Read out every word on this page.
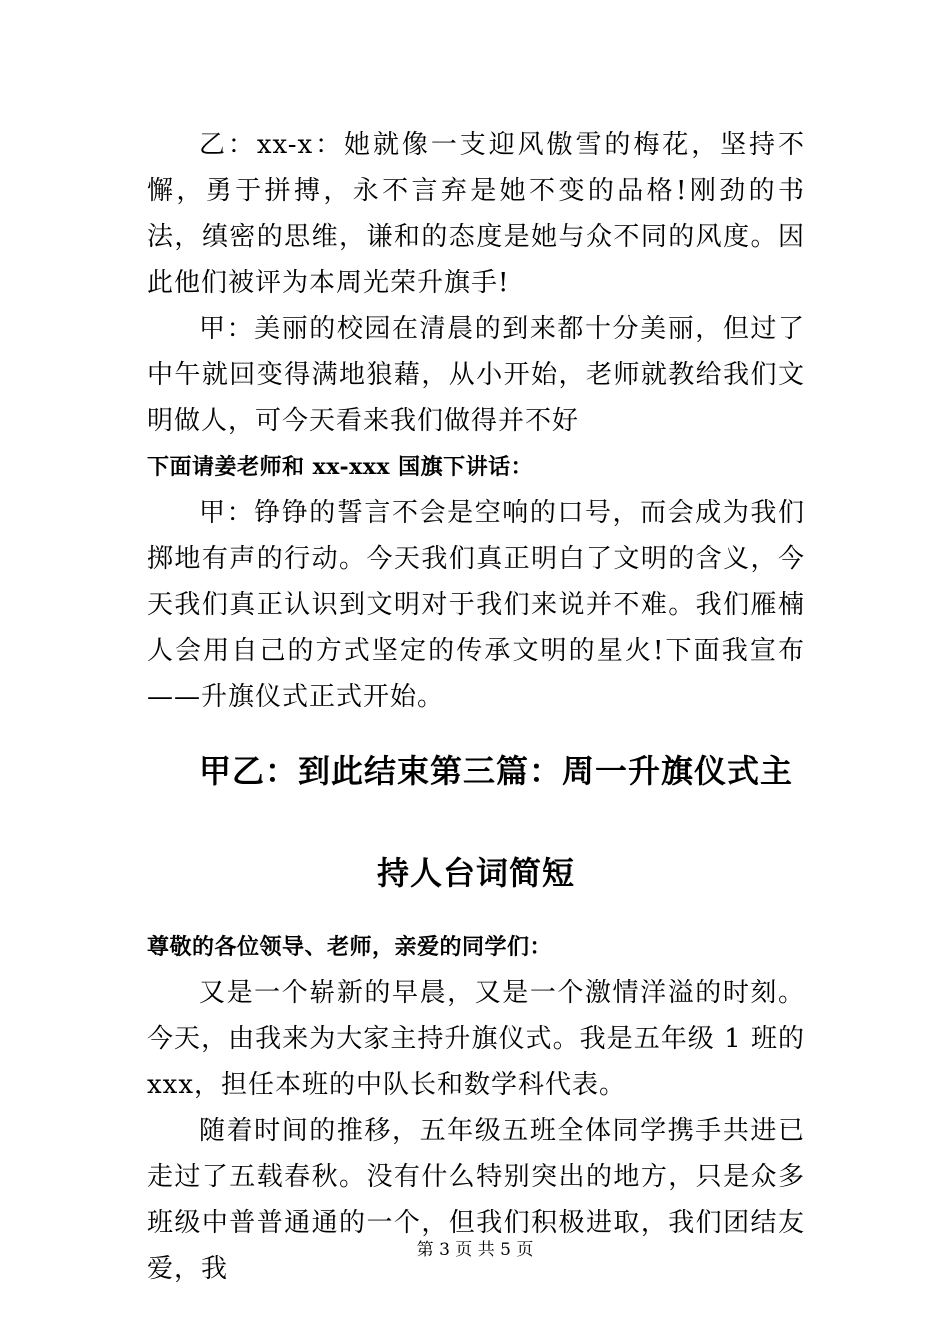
乙：xx-x：她就像一支迎风傲雪的梅花，坚持不懈，勇于拼搏，永不言弃是她不变的品格!刚劲的书法，缜密的思维，谦和的态度是她与众不同的风度。因此他们被评为本周光荣升旗手!

甲：美丽的校园在清晨的到来都十分美丽，但过了中午就回变得满地狼藉，从小开始，老师就教给我们文明做人，可今天看来我们做得并不好

下面请姜老师和 xx-xxx 国旗下讲话：

甲：铮铮的誓言不会是空响的口号，而会成为我们掷地有声的行动。今天我们真正明白了文明的含义，今天我们真正认识到文明对于我们来说并不难。我们雁楠人会用自己的方式坚定的传承文明的星火!下面我宣布——升旗仪式正式开始。

甲乙：到此结束第三篇：周一升旗仪式主
持人台词简短

尊敬的各位领导、老师，亲爱的同学们：

又是一个崭新的早晨，又是一个激情洋溢的时刻。今天，由我来为大家主持升旗仪式。我是五年级 1 班的 xxx，担任本班的中队长和数学科代表。

随着时间的推移，五年级五班全体同学携手共进已走过了五载春秋。没有什么特别突出的地方，只是众多班级中普普通通的一个，但我们积极进取，我们团结友爱，我

第 3 页 共 5 页
